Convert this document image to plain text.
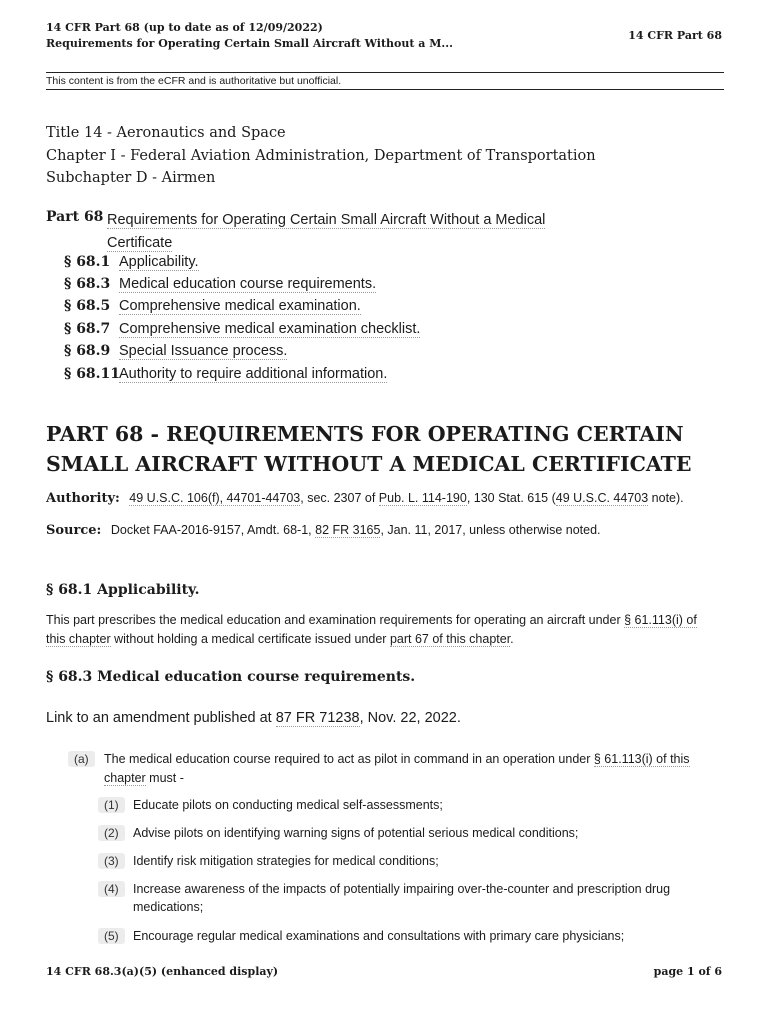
14 CFR Part 68 (up to date as of 12/09/2022)
Requirements for Operating Certain Small Aircraft Without a M...
14 CFR Part 68
This content is from the eCFR and is authoritative but unofficial.
Title 14 - Aeronautics and Space
Chapter I - Federal Aviation Administration, Department of Transportation
Subchapter D - Airmen
Part 68 Requirements for Operating Certain Small Aircraft Without a Medical Certificate
§ 68.1 Applicability.
§ 68.3 Medical education course requirements.
§ 68.5 Comprehensive medical examination.
§ 68.7 Comprehensive medical examination checklist.
§ 68.9 Special Issuance process.
§ 68.11Authority to require additional information.
PART 68 - REQUIREMENTS FOR OPERATING CERTAIN SMALL AIRCRAFT WITHOUT A MEDICAL CERTIFICATE
Authority: 49 U.S.C. 106(f), 44701-44703, sec. 2307 of Pub. L. 114-190, 130 Stat. 615 (49 U.S.C. 44703 note).
Source: Docket FAA-2016-9157, Amdt. 68-1, 82 FR 3165, Jan. 11, 2017, unless otherwise noted.
§ 68.1 Applicability.
This part prescribes the medical education and examination requirements for operating an aircraft under § 61.113(i) of this chapter without holding a medical certificate issued under part 67 of this chapter.
§ 68.3 Medical education course requirements.
Link to an amendment published at 87 FR 71238, Nov. 22, 2022.
(a)	The medical education course required to act as pilot in command in an operation under § 61.113(i) of this chapter must -
(1)	Educate pilots on conducting medical self-assessments;
(2)	Advise pilots on identifying warning signs of potential serious medical conditions;
(3)	Identify risk mitigation strategies for medical conditions;
(4)	Increase awareness of the impacts of potentially impairing over-the-counter and prescription drug medications;
(5)	Encourage regular medical examinations and consultations with primary care physicians;
14 CFR 68.3(a)(5) (enhanced display)	page 1 of 6
